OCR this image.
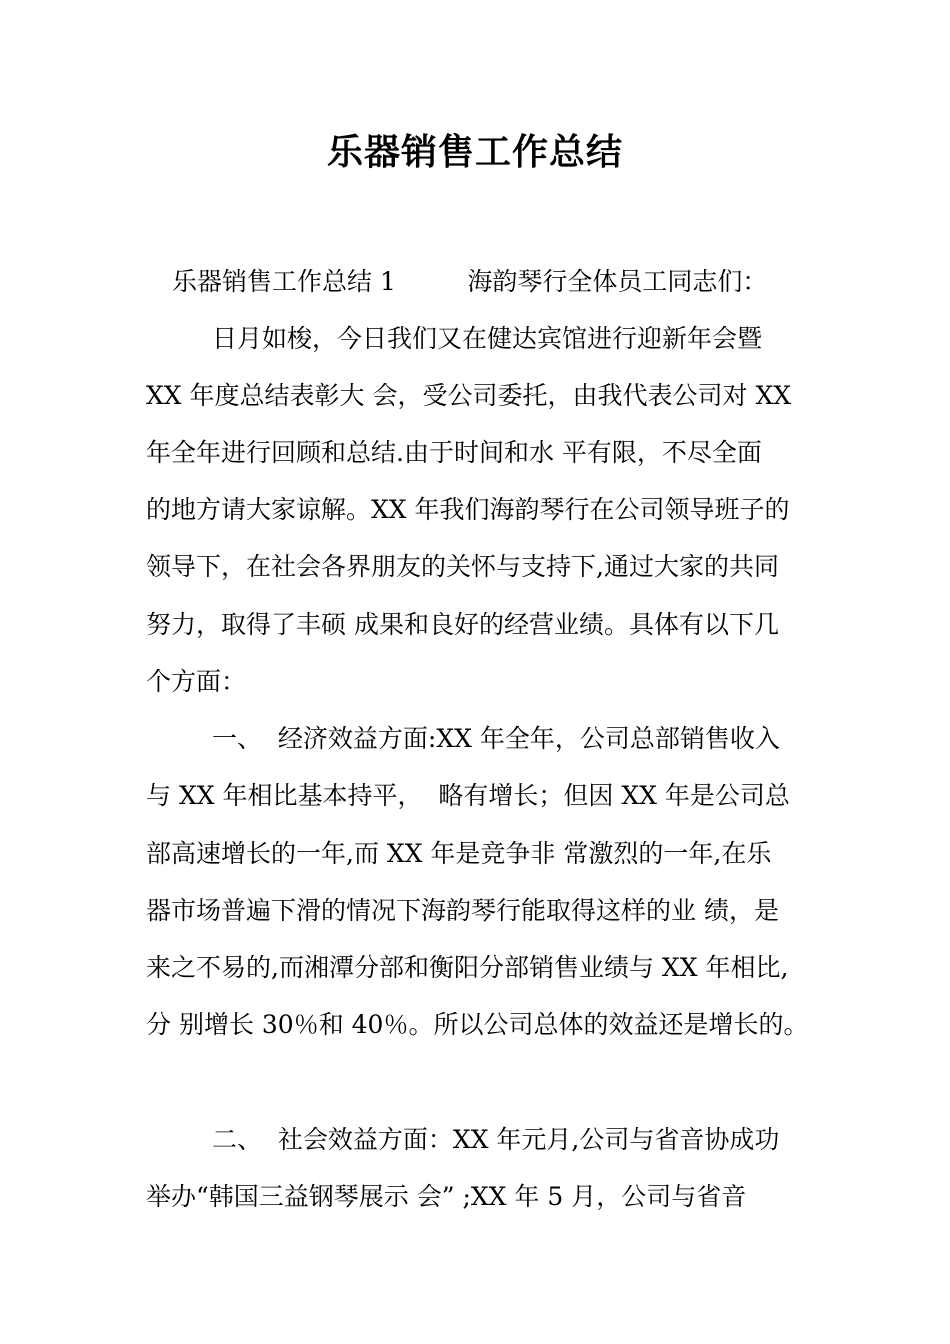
乐器销售工作总结
乐器销售工作总结 1         海韵琴行全体员工同志们：
日月如梭，今日我们又在健达宾馆进行迎新年会暨
XX 年度总结表彰大 会，受公司委托，由我代表公司对 XX
年全年进行回顾和总结.由于时间和水 平有限，不尽全面
的地方请大家谅解。XX 年我们海韵琴行在公司领导班子的
领导下，在社会各界朋友的关怀与支持下,通过大家的共同
努力，取得了丰硕 成果和良好的经营业绩。具体有以下几
个方面：
一、  经济效益方面:XX 年全年，公司总部销售收入
与 XX 年相比基本持平，  略有增长；但因 XX 年是公司总
部高速增长的一年,而 XX 年是竞争非 常激烈的一年,在乐
器市场普遍下滑的情况下海韵琴行能取得这样的业 绩，是
来之不易的,而湘潭分部和衡阳分部销售业绩与 XX 年相比,
分 别增长 30％和 40％。所以公司总体的效益还是增长的。
二、  社会效益方面：XX 年元月,公司与省音协成功
举办“韩国三益钢琴展示 会” ;XX 年 5 月，公司与省音
